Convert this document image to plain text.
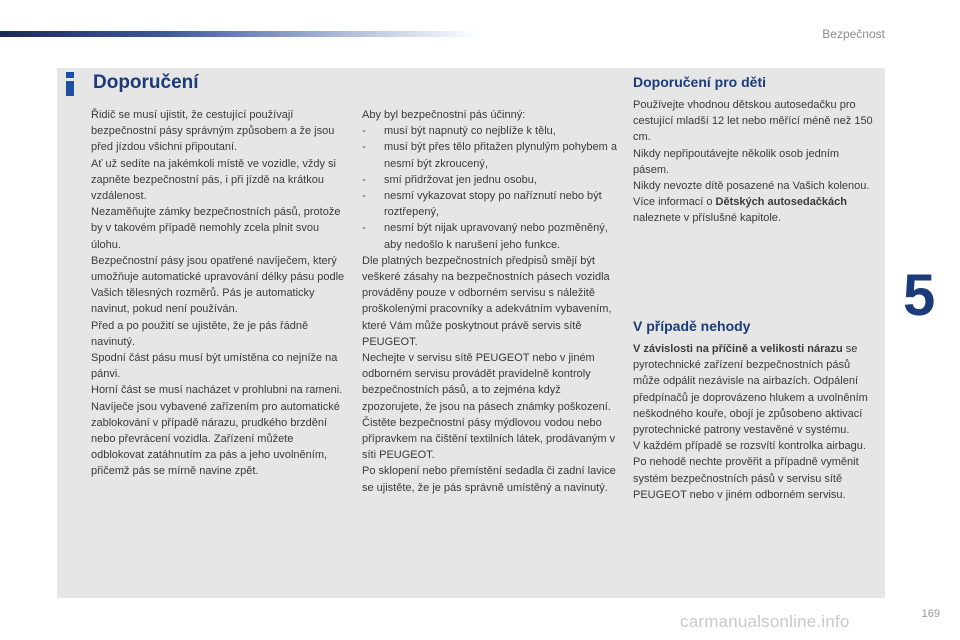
Bezpečnost
5
Doporučení

Řidič se musí ujistit, že cestující používají bezpečnostní pásy správným způsobem a že jsou před jízdou všichni připoutaní.

Ať už sedíte na jakémkoli místě ve vozidle, vždy si zapněte bezpečnostní pás, i při jízdě na krátkou vzdálenost.

Nezaměňujte zámky bezpečnostních pásů, protože by v takovém případě nemohly zcela plnit svou úlohu.

Bezpečnostní pásy jsou opatřené navíječem, který umožňuje automatické upravování délky pásu podle Vašich tělesných rozměrů. Pás je automaticky navinut, pokud není používán.

Před a po použití se ujistěte, že je pás řádně navinutý.

Spodní část pásu musí být umístěna co nejníže na pánvi.

Horní část se musí nacházet v prohlubni na rameni.

Navíječe jsou vybavené zařízením pro automatické zablokování v případě nárazu, prudkého brzdění nebo převrácení vozidla. Zařízení můžete odblokovat zatáhnutím za pás a jeho uvolněním, přičemž pás se mírně navine zpět.

Aby byl bezpečnostní pás účinný:

-	musí být napnutý co nejblíže k tělu,
-	musí být přes tělo přitažen plynulým pohybem a nesmí být zkroucený,
-	smí přidržovat jen jednu osobu,
-	nesmí vykazovat stopy po naříznutí nebo být roztřepený,
-	nesmí být nijak upravovaný nebo pozměněný, aby nedošlo k narušení jeho funkce.

Dle platných bezpečnostních předpisů smějí být veškeré zásahy na bezpečnostních pásech vozidla prováděny pouze v odborném servisu s náležitě proškolenými pracovníky a adekvátním vybavením, které Vám může poskytnout právě servis sítě PEUGEOT.

Nechejte v servisu sítě PEUGEOT nebo v jiném odborném servisu provádět pravidelně kontroly bezpečnostních pásů, a to zejména když zpozorujete, že jsou na pásech známky poškození.

Čistěte bezpečnostní pásy mýdlovou vodou nebo přípravkem na čištění textilních látek, prodávaným v síti PEUGEOT.

Po sklopení nebo přemístění sedadla či zadní lavice se ujistěte, že je pás správně umístěný a navinutý.

Doporučení pro děti

Používejte vhodnou dětskou autosedačku pro cestující mladší 12 let nebo měřící méně než 150 cm.

Nikdy nepřipoutávejte několik osob jedním pásem.

Nikdy nevozte dítě posazené na Vašich kolenou.

Více informací o Dětských autosedačkách naleznete v příslušné kapitole.

V případě nehody

V závislosti na příčině a velikosti nárazu se pyrotechnické zařízení bezpečnostních pásů může odpálit nezávisle na airbazích. Odpálení předpínačů je doprovázeno hlukem a uvolněním neškodného kouře, obojí je způsobeno aktivací pyrotechnické patrony vestavěné v systému.

V každém případě se rozsvítí kontrolka airbagu.

Po nehodě nechte prověřit a případně vyměnit systém bezpečnostních pásů v servisu sítě PEUGEOT nebo v jiném odborném servisu.

169
carmanualsonline.info
